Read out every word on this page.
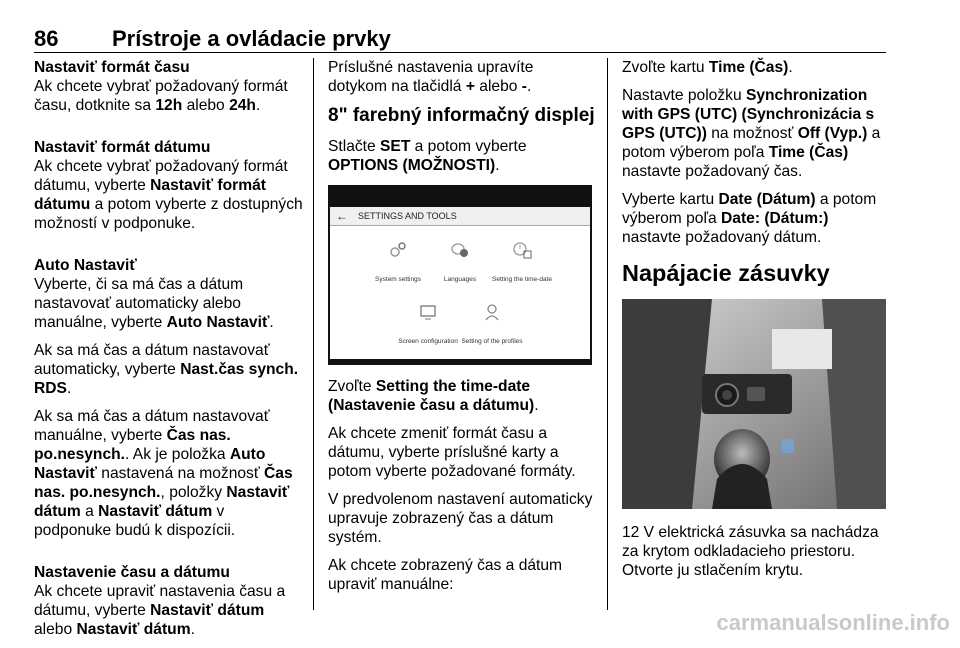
86 Prístroje a ovládacie prvky

Nastaviť formát času

Ak chcete vybrať požadovaný formát času, dotknite sa 12h alebo 24h.

Nastaviť formát dátumu

Ak chcete vybrať požadovaný formát dátumu, vyberte Nastaviť formát dátumu a potom vyberte z dostupných možností v podponuke.

Auto Nastaviť

Vyberte, či sa má čas a dátum nastavovať automaticky alebo manuálne, vyberte Auto Nastaviť.

Ak sa má čas a dátum nastavovať automaticky, vyberte Nast.čas synch. RDS.

Ak sa má čas a dátum nastavovať manuálne, vyberte Čas nas. po.nesynch.. Ak je položka Auto Nastaviť nastavená na možnosť Čas nas. po.nesynch., položky Nastaviť dátum a Nastaviť dátum v podponuke budú k dispozícii.

Nastavenie času a dátumu

Ak chcete upraviť nastavenia času a dátumu, vyberte Nastaviť dátum alebo Nastaviť dátum.

Príslušné nastavenia upravíte dotykom na tlačidlá + alebo -.

8" farebný informačný displej

Stlačte SET a potom vyberte OPTIONS (MOŽNOSTI).

← SETTINGS AND TOOLS
System settings	Languages	Setting the time-date
Screen configuration Setting of the profiles

Zvoľte Setting the time-date (Nastavenie času a dátumu).

Ak chcete zmeniť formát času a dátumu, vyberte príslušné karty a potom vyberte požadované formáty.

V predvolenom nastavení automaticky upravuje zobrazený čas a dátum systém.

Ak chcete zobrazený čas a dátum upraviť manuálne:

Zvoľte kartu Time (Čas).

Nastavte položku Synchronization with GPS (UTC) (Synchronizácia s GPS (UTC)) na možnosť Off (Vyp.) a potom výberom poľa Time (Čas) nastavte požadovaný čas.

Vyberte kartu Date (Dátum) a potom výberom poľa Date: (Dátum:) nastavte požadovaný dátum.

Napájacie zásuvky

12 V elektrická zásuvka sa nachádza za krytom odkladacieho priestoru. Otvorte ju stlačením krytu.

carmanualsonline.info
